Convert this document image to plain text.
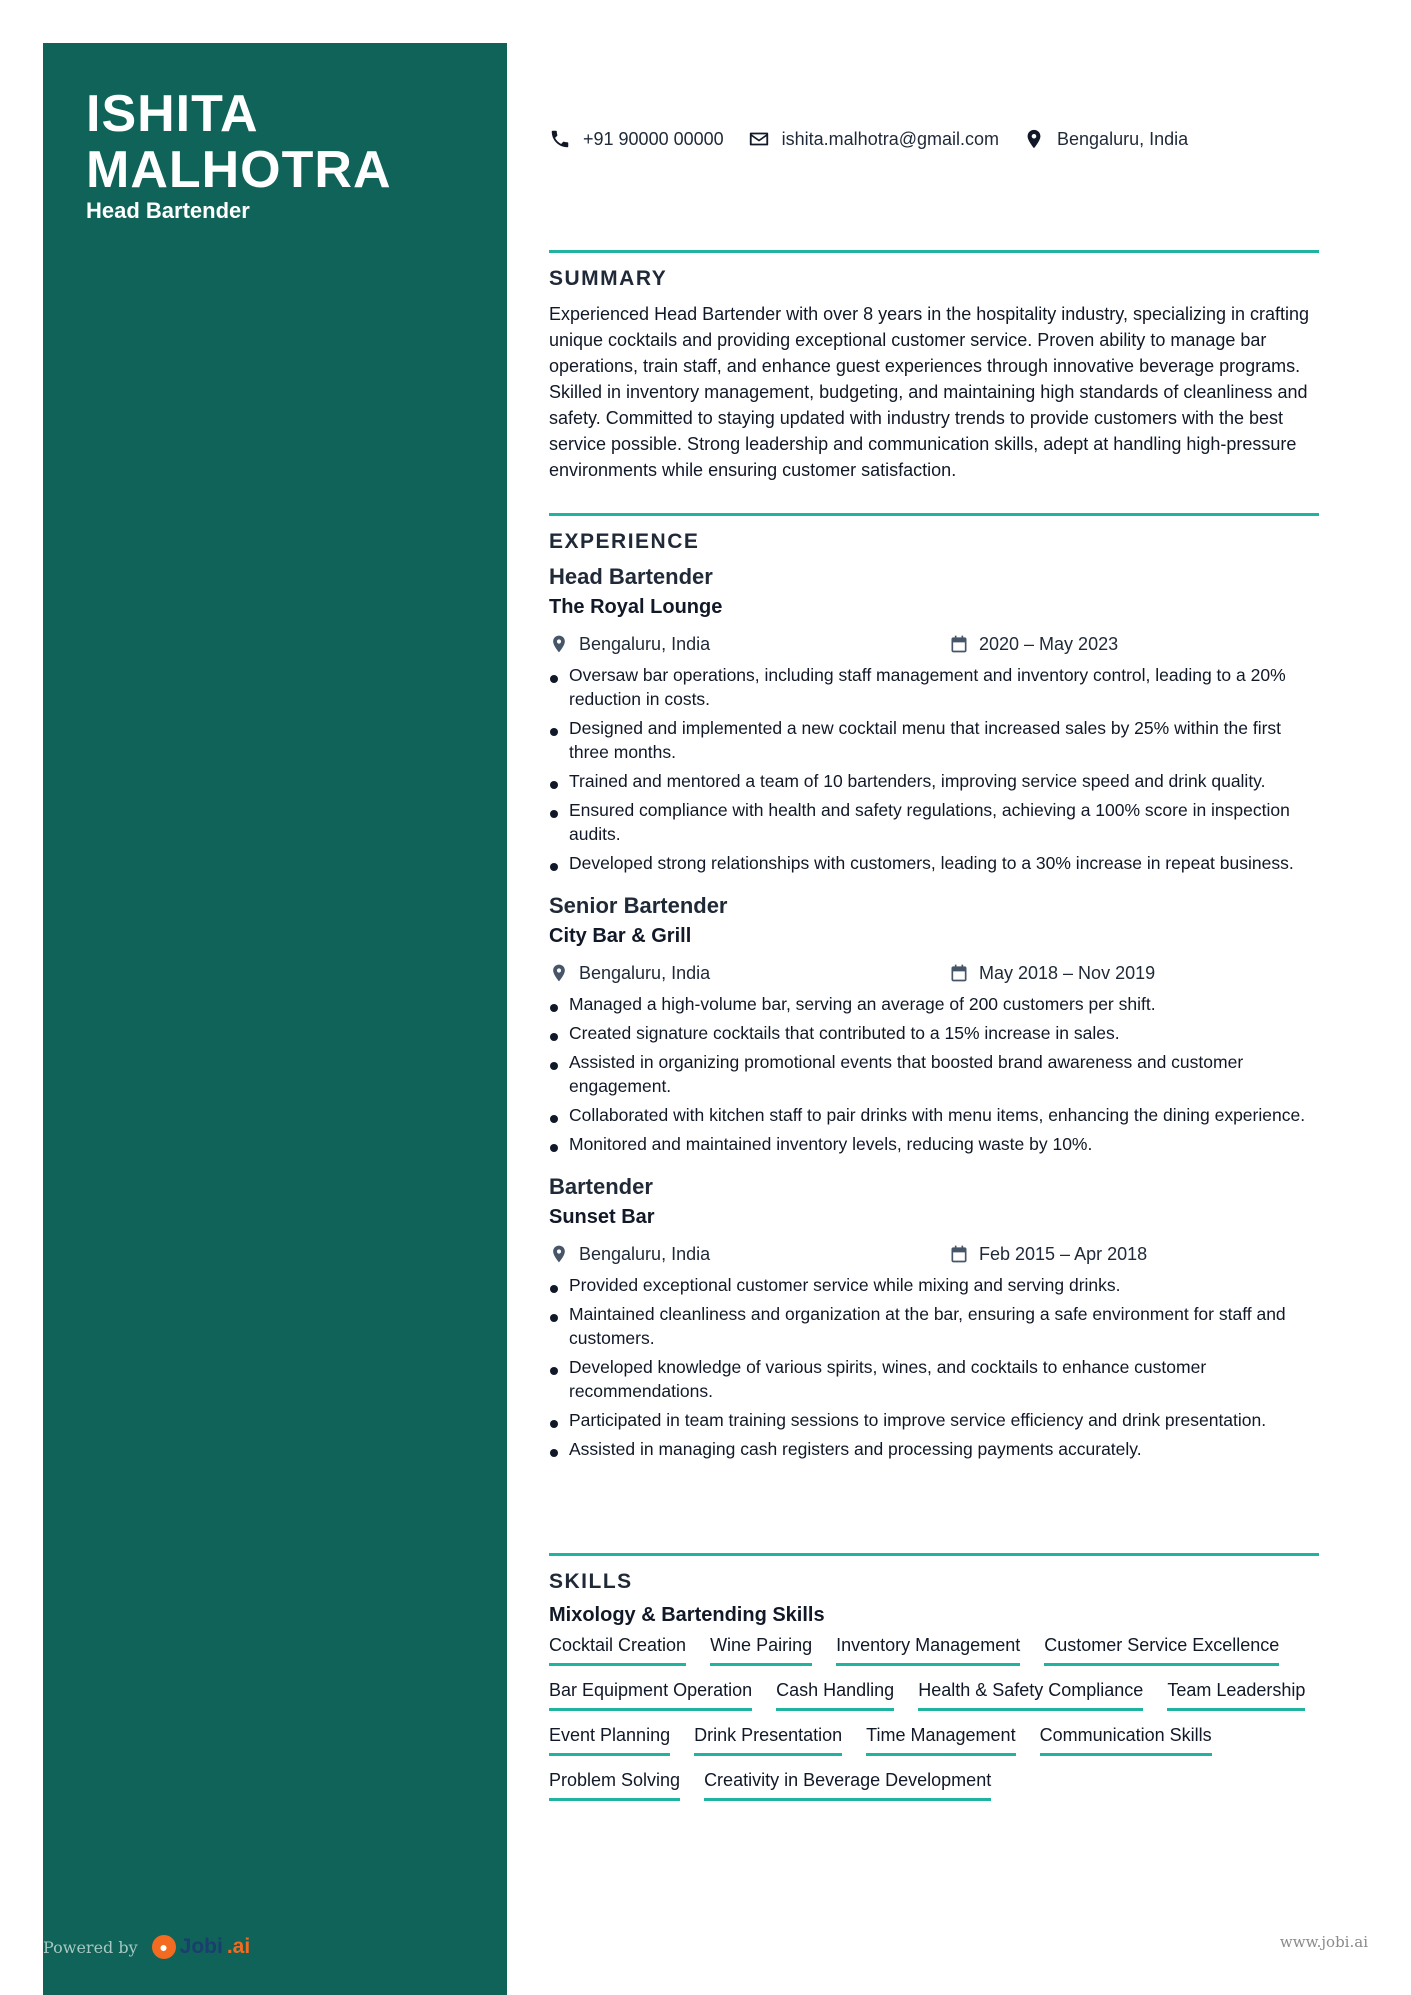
ISHITA
MALHOTRA
Head Bartender
Powered by	● Jobi .ai	www.jobi.ai
+91 90000 00000	ishita.malhotra@gmail.com	Bengaluru, India
SUMMARY

Experienced Head Bartender with over 8 years in the hospitality industry, specializing in crafting unique cocktails and providing exceptional customer service. Proven ability to manage bar operations, train staff, and enhance guest experiences through innovative beverage programs. Skilled in inventory management, budgeting, and maintaining high standards of cleanliness and safety. Committed to staying updated with industry trends to provide customers with the best service possible. Strong leadership and communication skills, adept at handling high-pressure environments while ensuring customer satisfaction.

EXPERIENCE
Head Bartender
The Royal Lounge
Bengaluru, India	2020 – May 2023
Oversaw bar operations, including staff management and inventory control, leading to a 20% reduction in costs.
Designed and implemented a new cocktail menu that increased sales by 25% within the first three months.
Trained and mentored a team of 10 bartenders, improving service speed and drink quality.
Ensured compliance with health and safety regulations, achieving a 100% score in inspection audits.
Developed strong relationships with customers, leading to a 30% increase in repeat business.
Senior Bartender
City Bar & Grill
Bengaluru, India	May 2018 – Nov 2019
Managed a high-volume bar, serving an average of 200 customers per shift.
Created signature cocktails that contributed to a 15% increase in sales.
Assisted in organizing promotional events that boosted brand awareness and customer engagement.
Collaborated with kitchen staff to pair drinks with menu items, enhancing the dining experience.
Monitored and maintained inventory levels, reducing waste by 10%.
Bartender
Sunset Bar
Bengaluru, India	Feb 2015 – Apr 2018
Provided exceptional customer service while mixing and serving drinks.
Maintained cleanliness and organization at the bar, ensuring a safe environment for staff and customers.
Developed knowledge of various spirits, wines, and cocktails to enhance customer recommendations.
Participated in team training sessions to improve service efficiency and drink presentation.
Assisted in managing cash registers and processing payments accurately.
SKILLS
Mixology & Bartending Skills
Cocktail Creation Wine Pairing Inventory Management Customer Service Excellence
Bar Equipment Operation Cash Handling Health & Safety Compliance Team Leadership
Event Planning Drink Presentation Time Management Communication Skills
Problem Solving Creativity in Beverage Development
